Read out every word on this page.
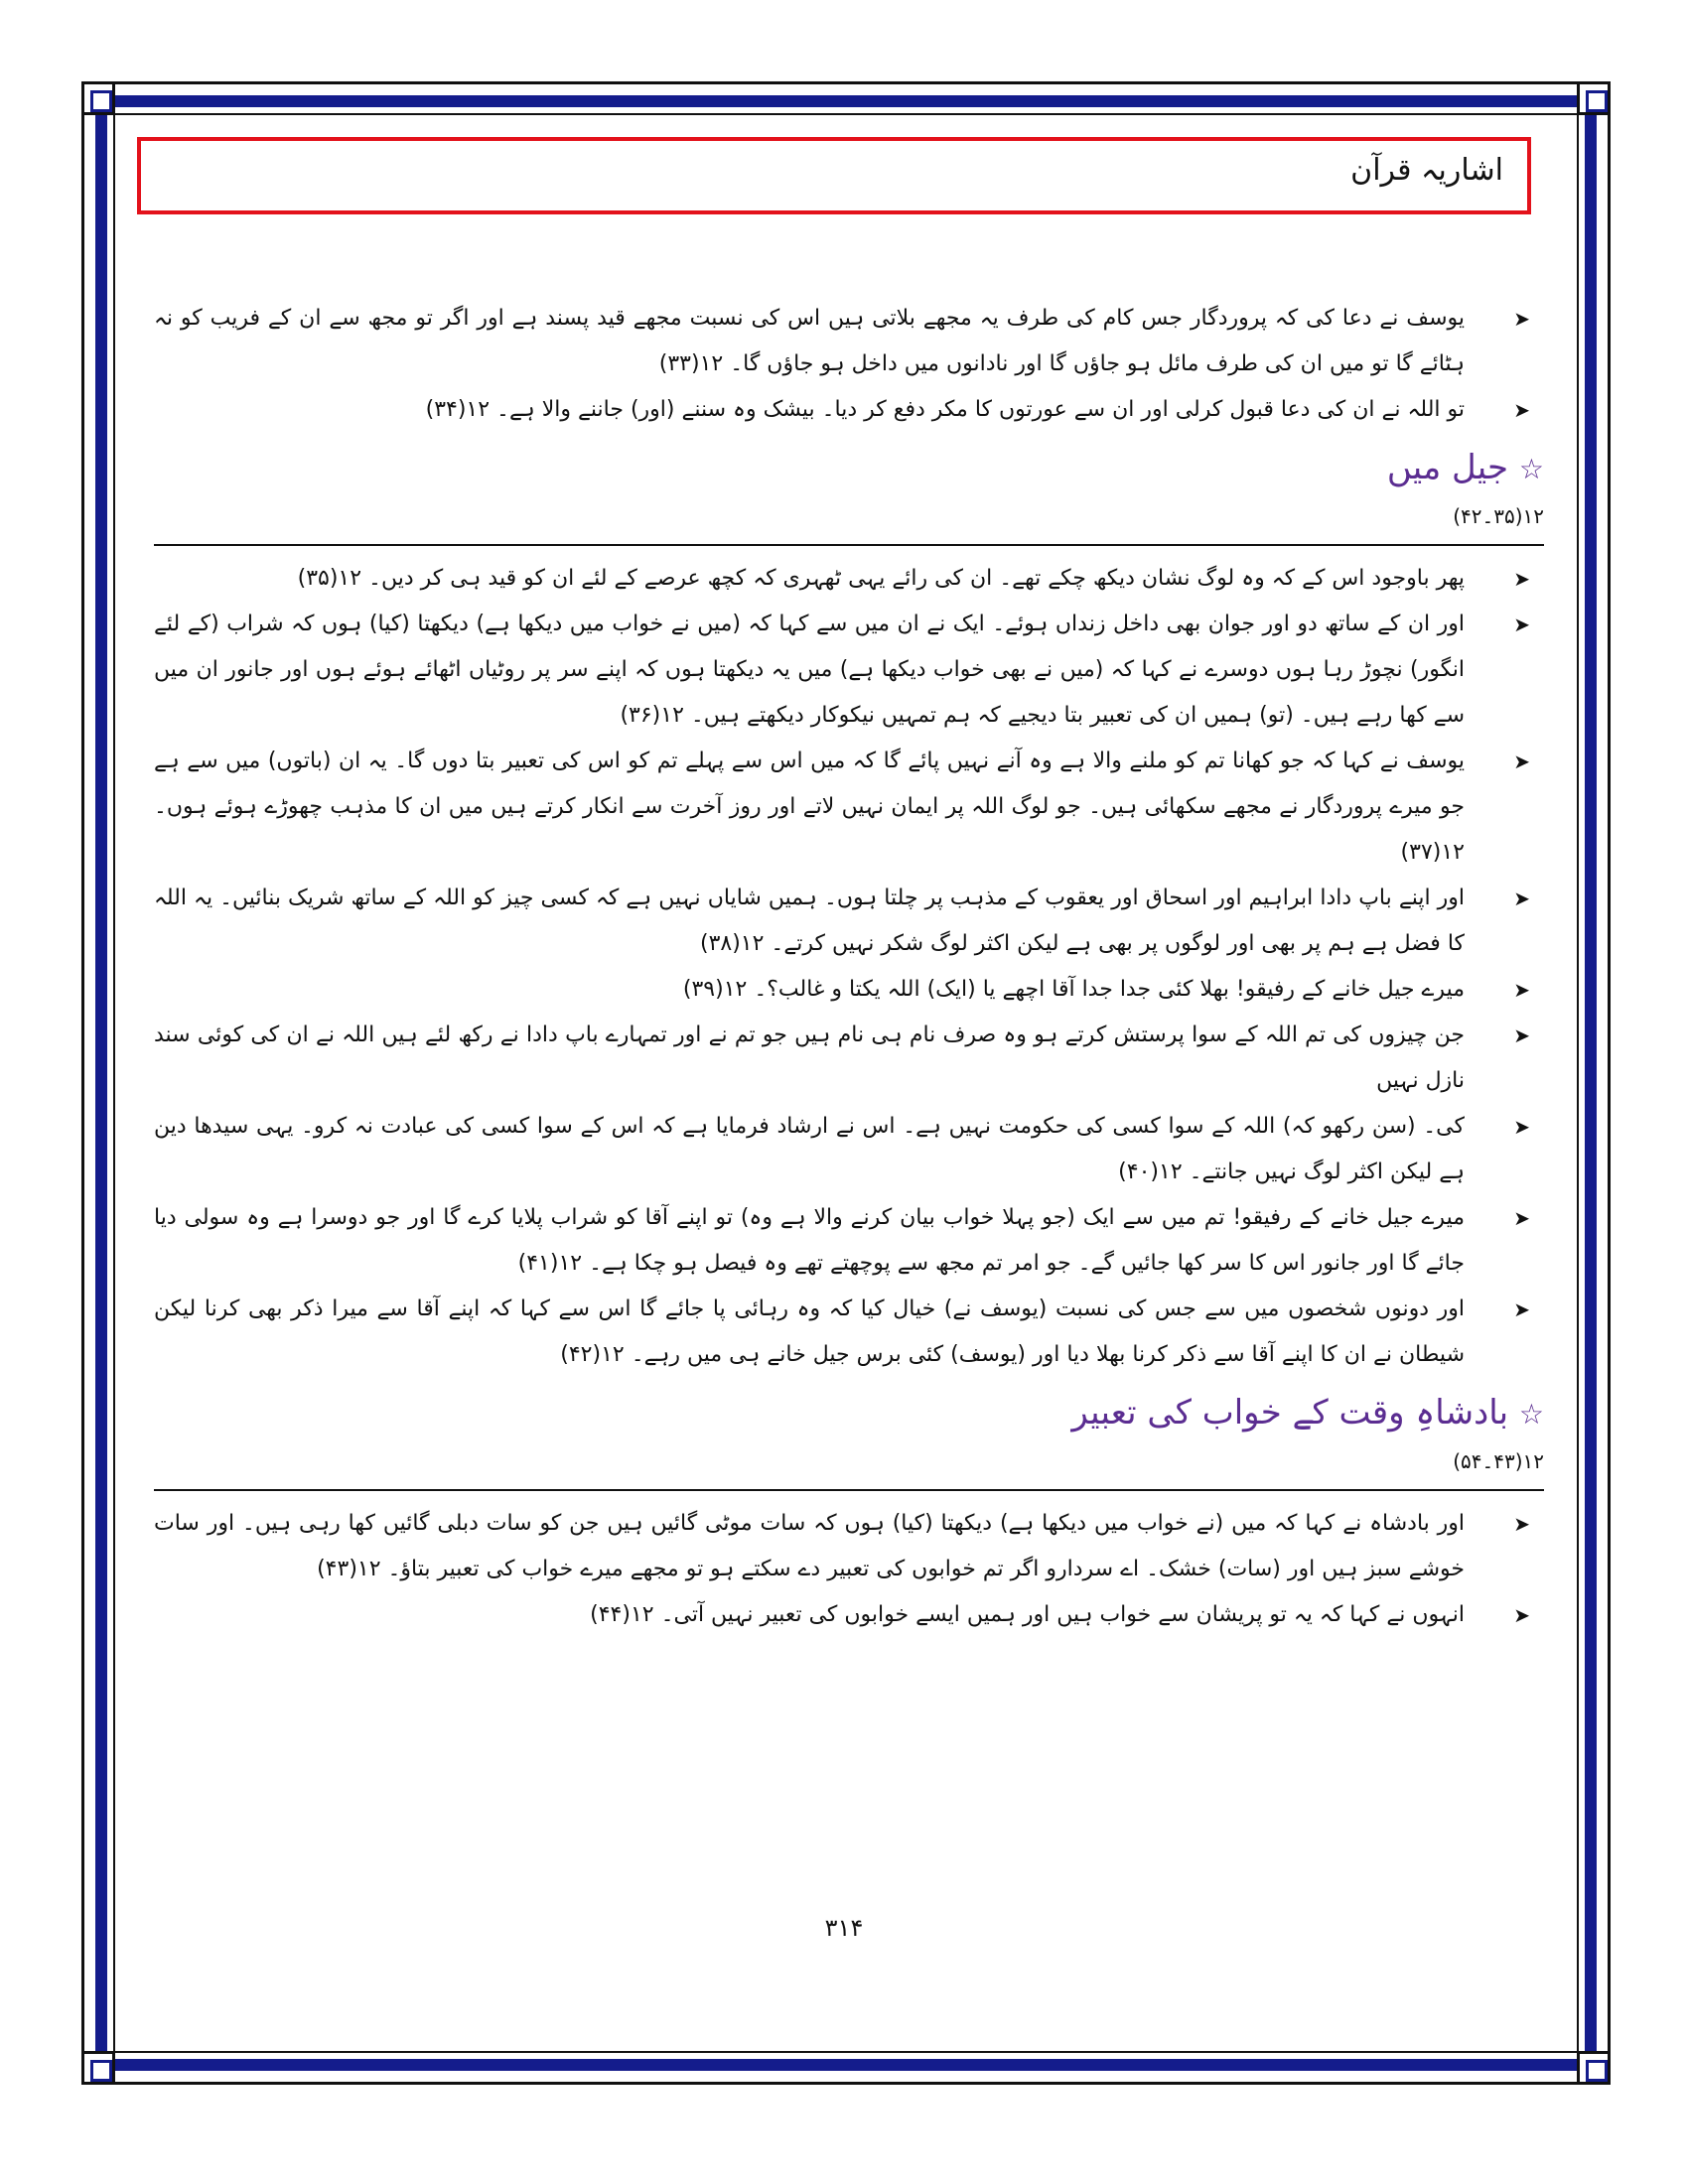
اشاریہ قرآن
➤
یوسف نے دعا کی کہ پروردگار جس کام کی طرف یہ مجھے بلاتی ہیں اس کی نسبت مجھے قید پسند ہے اور اگر تو مجھ سے ان کے فریب کو نہ ہٹائے گا تو میں ان کی طرف مائل ہو جاؤں گا اور نادانوں میں داخل ہو جاؤں گا۔ ۱۲(۳۳)
➤
تو اللہ نے ان کی دعا قبول کرلی اور ان سے عورتوں کا مکر دفع کر دیا۔ بیشک وہ سننے (اور) جاننے والا ہے۔ ۱۲(۳۴)
☆ جیل میں
۱۲(۳۵۔۴۲)
➤
پھر باوجود اس کے کہ وہ لوگ نشان دیکھ چکے تھے۔ ان کی رائے یہی ٹھہری کہ کچھ عرصے کے لئے ان کو قید ہی کر دیں۔ ۱۲(۳۵)
➤
اور ان کے ساتھ دو اور جوان بھی داخل زنداں ہوئے۔ ایک نے ان میں سے کہا کہ (میں نے خواب میں دیکھا ہے) دیکھتا (کیا) ہوں کہ شراب (کے لئے انگور) نچوڑ رہا ہوں دوسرے نے کہا کہ (میں نے بھی خواب دیکھا ہے) میں یہ دیکھتا ہوں کہ اپنے سر پر روٹیاں اٹھائے ہوئے ہوں اور جانور ان میں سے کھا رہے ہیں۔ (تو) ہمیں ان کی تعبیر بتا دیجیے کہ ہم تمہیں نیکوکار دیکھتے ہیں۔ ۱۲(۳۶)
➤
یوسف نے کہا کہ جو کھانا تم کو ملنے والا ہے وہ آنے نہیں پائے گا کہ میں اس سے پہلے تم کو اس کی تعبیر بتا دوں گا۔ یہ ان (باتوں) میں سے ہے جو میرے پروردگار نے مجھے سکھائی ہیں۔ جو لوگ اللہ پر ایمان نہیں لاتے اور روز آخرت سے انکار کرتے ہیں میں ان کا مذہب چھوڑے ہوئے ہوں۔ ۱۲(۳۷)
➤
اور اپنے باپ دادا ابراہیم اور اسحاق اور یعقوب کے مذہب پر چلتا ہوں۔ ہمیں شایاں نہیں ہے کہ کسی چیز کو اللہ کے ساتھ شریک بنائیں۔ یہ اللہ کا فضل ہے ہم پر بھی اور لوگوں پر بھی ہے لیکن اکثر لوگ شکر نہیں کرتے۔ ۱۲(۳۸)
➤
میرے جیل خانے کے رفیقو! بھلا کئی جدا جدا آقا اچھے یا (ایک) اللہ یکتا و غالب؟۔ ۱۲(۳۹)
➤
جن چیزوں کی تم اللہ کے سوا پرستش کرتے ہو وہ صرف نام ہی نام ہیں جو تم نے اور تمہارے باپ دادا نے رکھ لئے ہیں اللہ نے ان کی کوئی سند نازل نہیں
➤
کی۔ (سن رکھو کہ) اللہ کے سوا کسی کی حکومت نہیں ہے۔ اس نے ارشاد فرمایا ہے کہ اس کے سوا کسی کی عبادت نہ کرو۔ یہی سیدھا دین ہے لیکن اکثر لوگ نہیں جانتے۔ ۱۲(۴۰)
➤
میرے جیل خانے کے رفیقو! تم میں سے ایک (جو پہلا خواب بیان کرنے والا ہے وہ) تو اپنے آقا کو شراب پلایا کرے گا اور جو دوسرا ہے وہ سولی دیا جائے گا اور جانور اس کا سر کھا جائیں گے۔ جو امر تم مجھ سے پوچھتے تھے وہ فیصل ہو چکا ہے۔ ۱۲(۴۱)
➤
اور دونوں شخصوں میں سے جس کی نسبت (یوسف نے) خیال کیا کہ وہ رہائی پا جائے گا اس سے کہا کہ اپنے آقا سے میرا ذکر بھی کرنا لیکن شیطان نے ان کا اپنے آقا سے ذکر کرنا بھلا دیا اور (یوسف) کئی برس جیل خانے ہی میں رہے۔ ۱۲(۴۲)
☆ بادشاہِ وقت کے خواب کی تعبیر
۱۲(۴۳۔۵۴)
➤
اور بادشاہ نے کہا کہ میں (نے خواب میں دیکھا ہے) دیکھتا (کیا) ہوں کہ سات موٹی گائیں ہیں جن کو سات دبلی گائیں کھا رہی ہیں۔ اور سات خوشے سبز ہیں اور (سات) خشک۔ اے سردارو اگر تم خوابوں کی تعبیر دے سکتے ہو تو مجھے میرے خواب کی تعبیر بتاؤ۔ ۱۲(۴۳)
➤
انہوں نے کہا کہ یہ تو پریشان سے خواب ہیں اور ہمیں ایسے خوابوں کی تعبیر نہیں آتی۔ ۱۲(۴۴)
۳۱۴
